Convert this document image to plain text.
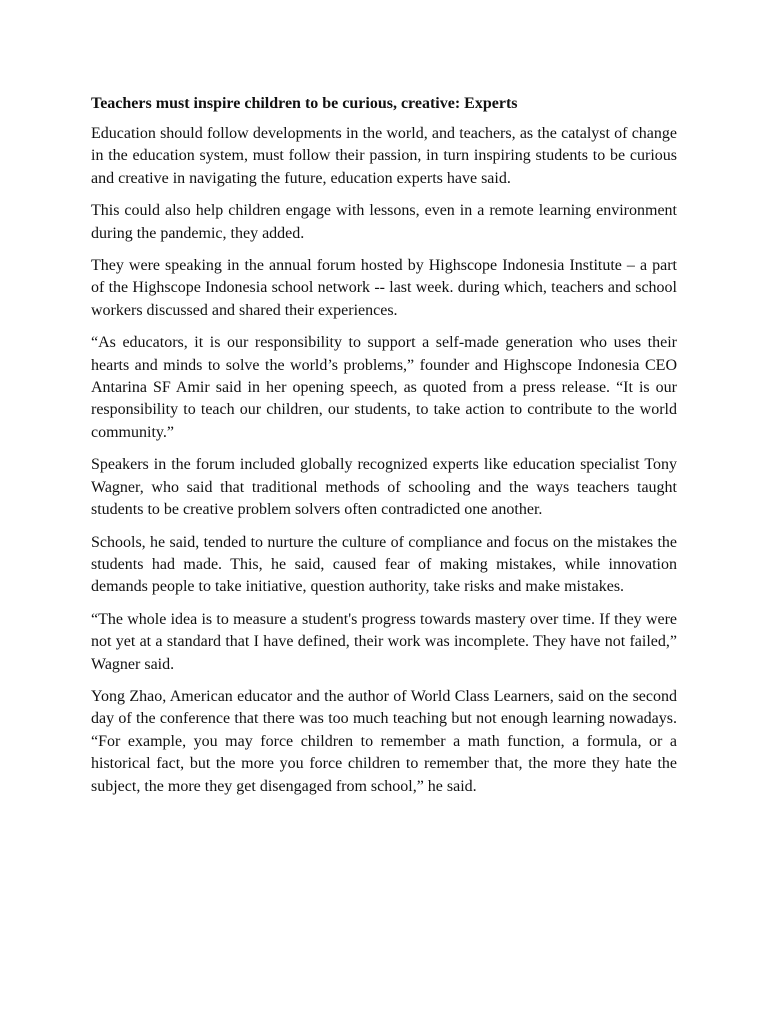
Teachers must inspire children to be curious, creative: Experts

Education should follow developments in the world, and teachers, as the catalyst of change in the education system, must follow their passion, in turn inspiring students to be curious and creative in navigating the future, education experts have said.

This could also help children engage with lessons, even in a remote learning environment during the pandemic, they added.

They were speaking in the annual forum hosted by Highscope Indonesia Institute – a part of the Highscope Indonesia school network -- last week. during which, teachers and school workers discussed and shared their experiences.

“As educators, it is our responsibility to support a self-made generation who uses their hearts and minds to solve the world’s problems,” founder and Highscope Indonesia CEO Antarina SF Amir said in her opening speech, as quoted from a press release. “It is our responsibility to teach our children, our students, to take action to contribute to the world community.”

Speakers in the forum included globally recognized experts like education specialist Tony Wagner, who said that traditional methods of schooling and the ways teachers taught students to be creative problem solvers often contradicted one another.

Schools, he said, tended to nurture the culture of compliance and focus on the mistakes the students had made. This, he said, caused fear of making mistakes, while innovation demands people to take initiative, question authority, take risks and make mistakes.

“The whole idea is to measure a student's progress towards mastery over time. If they were not yet at a standard that I have defined, their work was incomplete. They have not failed,” Wagner said.

Yong Zhao, American educator and the author of World Class Learners, said on the second day of the conference that there was too much teaching but not enough learning nowadays. “For example, you may force children to remember a math function, a formula, or a historical fact, but the more you force children to remember that, the more they hate the subject, the more they get disengaged from school,” he said.
